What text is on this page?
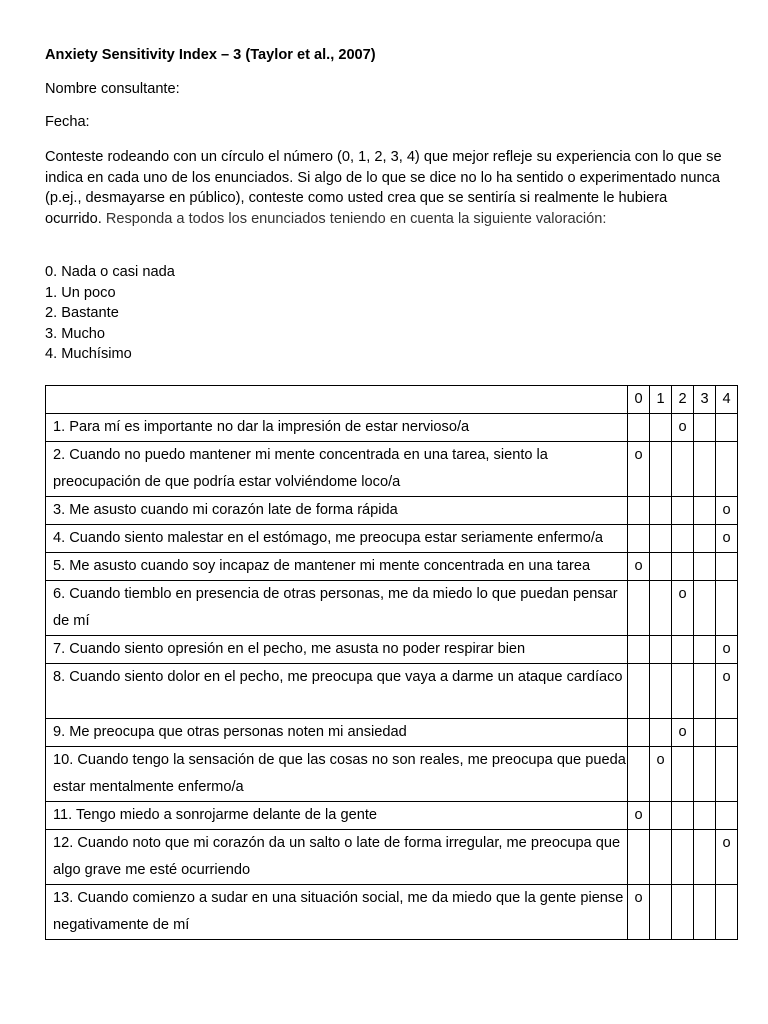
Anxiety Sensitivity Index – 3 (Taylor et al., 2007)
Nombre consultante:
Fecha:
Conteste rodeando con un círculo el número (0, 1, 2, 3, 4) que mejor refleje su experiencia con lo que se indica en cada uno de los enunciados. Si algo de lo que se dice no lo ha sentido o experimentado nunca (p.ej., desmayarse en público), conteste como usted crea que se sentiría si realmente le hubiera ocurrido. Responda a todos los enunciados teniendo en cuenta la siguiente valoración:
0. Nada o casi nada
1. Un poco
2. Bastante
3. Mucho
4. Muchísimo
	0	1	2	3	4
1. Para mí es importante no dar la impresión de estar nervioso/a			o		
2. Cuando no puedo mantener mi mente concentrada en una tarea, siento la preocupación de que podría estar volviéndome loco/a	o				
3. Me asusto cuando mi corazón late de forma rápida					o
4. Cuando siento malestar en el estómago, me preocupa estar seriamente enfermo/a					o
5. Me asusto cuando soy incapaz de mantener mi mente concentrada en una tarea	o				
6. Cuando tiemblo en presencia de otras personas, me da miedo lo que puedan pensar de mí			o		
7. Cuando siento opresión en el pecho, me asusta no poder respirar bien					o
8. Cuando siento dolor en el pecho, me preocupa que vaya a darme un ataque cardíaco					o
9. Me preocupa que otras personas noten mi ansiedad			o		
10. Cuando tengo la sensación de que las cosas no son reales, me preocupa que pueda estar mentalmente enfermo/a		o			
11. Tengo miedo a sonrojarme delante de la gente	o				
12. Cuando noto que mi corazón da un salto o late de forma irregular, me preocupa que algo grave me esté ocurriendo					o
13. Cuando comienzo a sudar en una situación social, me da miedo que la gente piense negativamente de mí	o				
